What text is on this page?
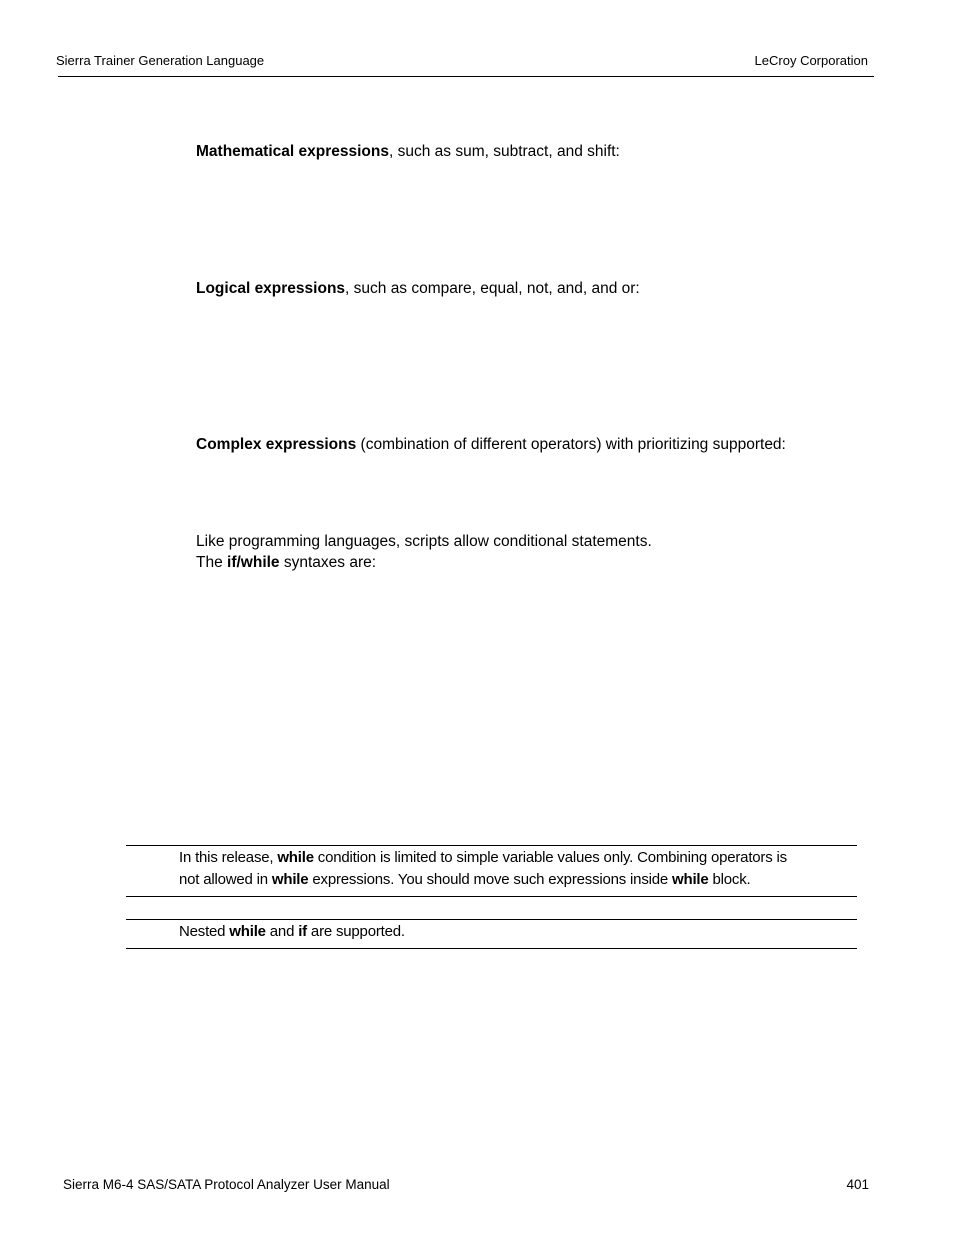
Sierra Trainer Generation Language	LeCroy Corporation
Mathematical expressions, such as sum, subtract, and shift:
Logical expressions, such as compare, equal, not, and, and or:
Complex expressions (combination of different operators) with prioritizing supported:
Like programming languages, scripts allow conditional statements.
The if/while syntaxes are:
In this release, while condition is limited to simple variable values only. Combining operators is
not allowed in while expressions. You should move such expressions inside while block.
Nested while and if are supported.
Sierra M6-4 SAS/SATA Protocol Analyzer User Manual	401
